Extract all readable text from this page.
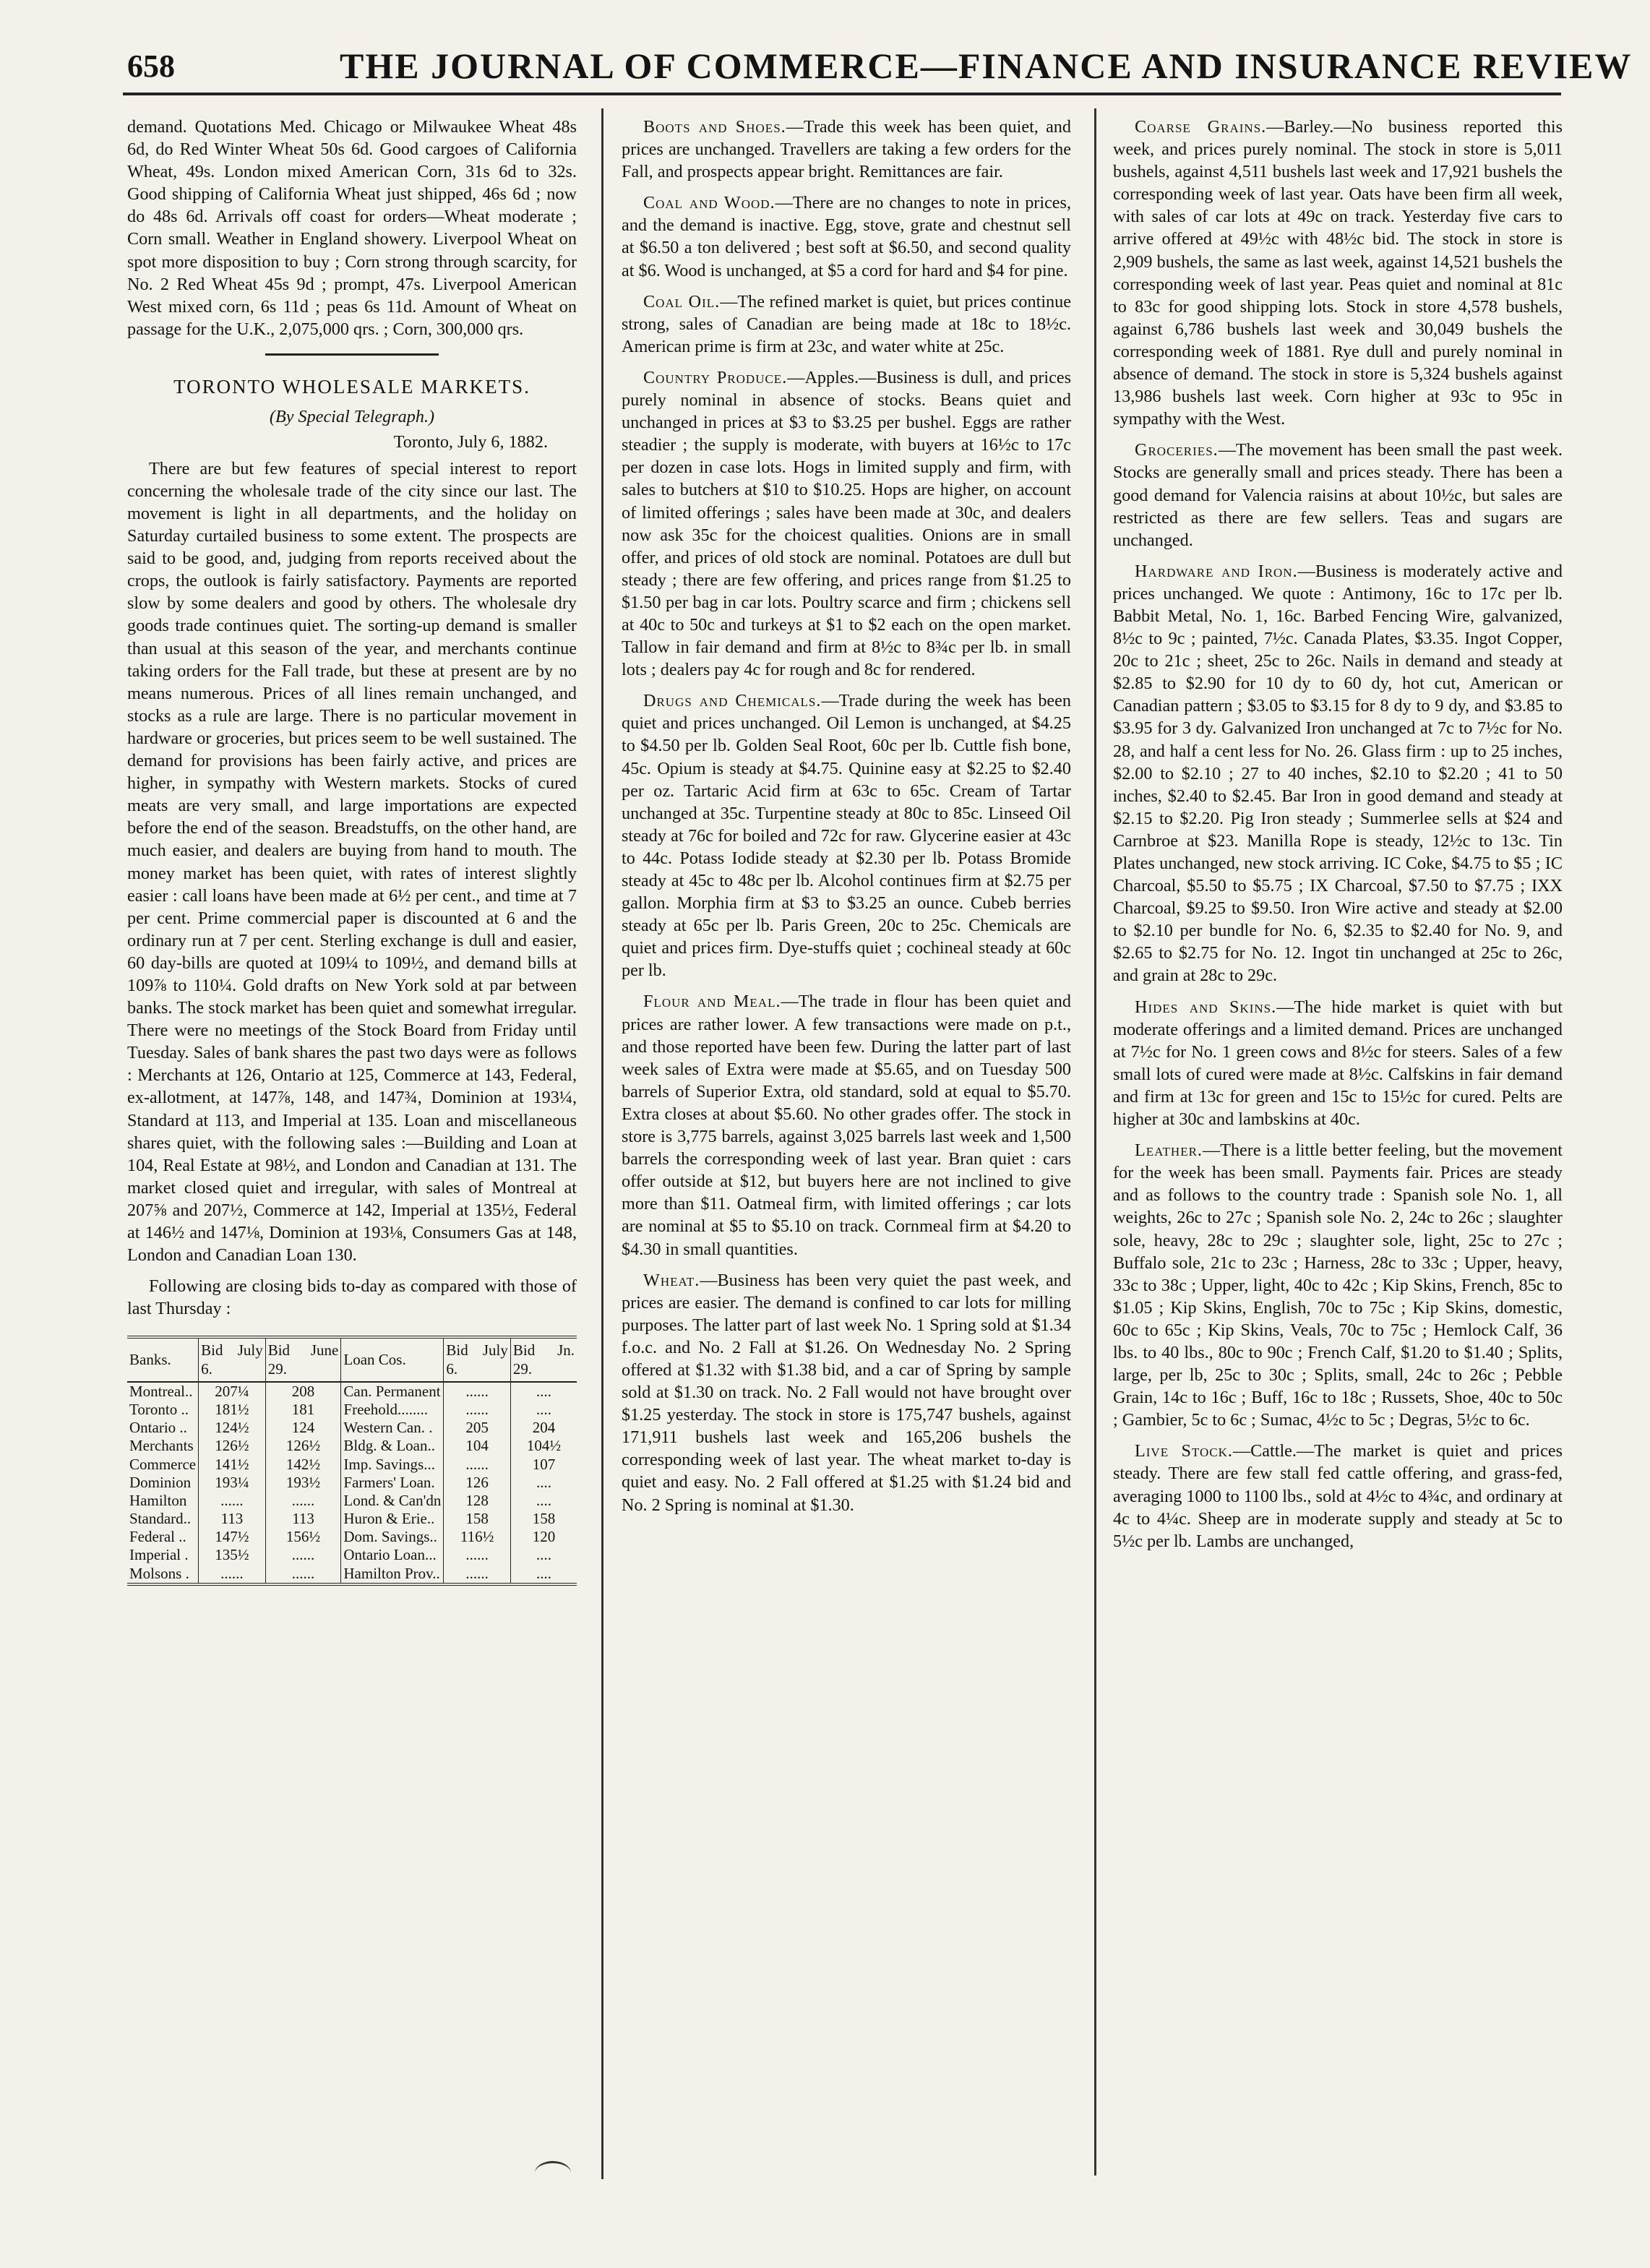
658	THE JOURNAL OF COMMERCE—FINANCE AND INSURANCE REVIEW

demand. Quotations Med. Chicago or Milwaukee Wheat 48s 6d, do Red Winter Wheat 50s 6d. Good cargoes of California Wheat, 49s. London mixed American Corn, 31s 6d to 32s. Good shipping of California Wheat just shipped, 46s 6d ; now do 48s 6d. Arrivals off coast for orders—Wheat moderate ; Corn small. Weather in England showery. Liverpool Wheat on spot more disposition to buy ; Corn strong through scarcity, for No. 2 Red Wheat 45s 9d ; prompt, 47s. Liverpool American West mixed corn, 6s 11d ; peas 6s 11d. Amount of Wheat on passage for the U.K., 2,075,000 qrs. ; Corn, 300,000 qrs.

TORONTO WHOLESALE MARKETS.
(By Special Telegraph.)
Toronto, July 6, 1882.

There are but few features of special interest to report concerning the wholesale trade of the city since our last. The movement is light in all departments, and the holiday on Saturday curtailed business to some extent. The prospects are said to be good, and, judging from reports received about the crops, the outlook is fairly satisfactory. Payments are reported slow by some dealers and good by others. The wholesale dry goods trade continues quiet. The sorting-up demand is smaller than usual at this season of the year, and merchants continue taking orders for the Fall trade, but these at present are by no means numerous. Prices of all lines remain unchanged, and stocks as a rule are large. There is no particular movement in hardware or groceries, but prices seem to be well sustained. The demand for provisions has been fairly active, and prices are higher, in sympathy with Western markets. Stocks of cured meats are very small, and large importations are expected before the end of the season. Breadstuffs, on the other hand, are much easier, and dealers are buying from hand to mouth. The money market has been quiet, with rates of interest slightly easier : call loans have been made at 6½ per cent., and time at 7 per cent. Prime commercial paper is discounted at 6 and the ordinary run at 7 per cent. Sterling exchange is dull and easier, 60 day-bills are quoted at 109¼ to 109½, and demand bills at 109⅞ to 110¼. Gold drafts on New York sold at par between banks. The stock market has been quiet and somewhat irregular. There were no meetings of the Stock Board from Friday until Tuesday. Sales of bank shares the past two days were as follows : Merchants at 126, Ontario at 125, Commerce at 143, Federal, ex-allotment, at 147⅞, 148, and 147¾, Dominion at 193¼, Standard at 113, and Imperial at 135. Loan and miscellaneous shares quiet, with the following sales :—Building and Loan at 104, Real Estate at 98½, and London and Canadian at 131. The market closed quiet and irregular, with sales of Montreal at 207⅝ and 207½, Commerce at 142, Imperial at 135½, Federal at 146½ and 147⅛, Dominion at 193⅛, Consumers Gas at 148, London and Canadian Loan 130.

Following are closing bids to-day as compared with those of last Thursday :

Banks.	Bid July 6.	Bid June 29.	Loan Cos.	Bid July 6.	Bid Jn. 29.
Montreal..	207¼	208	Can. Permanent	......	....
Toronto ..	181½	181	Freehold........	......	....
Ontario ..	124½	124	Western Can. .	205	204
Merchants	126½	126½	Bldg. & Loan..	104	104½
Commerce	141½	142½	Imp. Savings...	......	107
Dominion	193¼	193½	Farmers' Loan.	126	....
Hamilton	......	......	Lond. & Can'dn	128	....
Standard..	113	113	Huron & Erie..	158	158
Federal ..	147½	156½	Dom. Savings..	116½	120
Imperial .	135½	......	Ontario Loan...	......	....
Molsons .	......	......	Hamilton Prov..	......	....

Boots and Shoes.—Trade this week has been quiet, and prices are unchanged. Travellers are taking a few orders for the Fall, and prospects appear bright. Remittances are fair.

Coal and Wood.—There are no changes to note in prices, and the demand is inactive. Egg, stove, grate and chestnut sell at $6.50 a ton delivered ; best soft at $6.50, and second quality at $6. Wood is unchanged, at $5 a cord for hard and $4 for pine.

Coal Oil.—The refined market is quiet, but prices continue strong, sales of Canadian are being made at 18c to 18½c. American prime is firm at 23c, and water white at 25c.

Country Produce.—Apples.—Business is dull, and prices purely nominal in absence of stocks. Beans quiet and unchanged in prices at $3 to $3.25 per bushel. Eggs are rather steadier ; the supply is moderate, with buyers at 16½c to 17c per dozen in case lots. Hogs in limited supply and firm, with sales to butchers at $10 to $10.25. Hops are higher, on account of limited offerings ; sales have been made at 30c, and dealers now ask 35c for the choicest qualities. Onions are in small offer, and prices of old stock are nominal. Potatoes are dull but steady ; there are few offering, and prices range from $1.25 to $1.50 per bag in car lots. Poultry scarce and firm ; chickens sell at 40c to 50c and turkeys at $1 to $2 each on the open market. Tallow in fair demand and firm at 8½c to 8¾c per lb. in small lots ; dealers pay 4c for rough and 8c for rendered.

Drugs and Chemicals.—Trade during the week has been quiet and prices unchanged. Oil Lemon is unchanged, at $4.25 to $4.50 per lb. Golden Seal Root, 60c per lb. Cuttle fish bone, 45c. Opium is steady at $4.75. Quinine easy at $2.25 to $2.40 per oz. Tartaric Acid firm at 63c to 65c. Cream of Tartar unchanged at 35c. Turpentine steady at 80c to 85c. Linseed Oil steady at 76c for boiled and 72c for raw. Glycerine easier at 43c to 44c. Potass Iodide steady at $2.30 per lb. Potass Bromide steady at 45c to 48c per lb. Alcohol continues firm at $2.75 per gallon. Morphia firm at $3 to $3.25 an ounce. Cubeb berries steady at 65c per lb. Paris Green, 20c to 25c. Chemicals are quiet and prices firm. Dye-stuffs quiet ; cochineal steady at 60c per lb.

Flour and Meal.—The trade in flour has been quiet and prices are rather lower. A few transactions were made on p.t., and those reported have been few. During the latter part of last week sales of Extra were made at $5.65, and on Tuesday 500 barrels of Superior Extra, old standard, sold at equal to $5.70. Extra closes at about $5.60. No other grades offer. The stock in store is 3,775 barrels, against 3,025 barrels last week and 1,500 barrels the corresponding week of last year. Bran quiet : cars offer outside at $12, but buyers here are not inclined to give more than $11. Oatmeal firm, with limited offerings ; car lots are nominal at $5 to $5.10 on track. Cornmeal firm at $4.20 to $4.30 in small quantities.

Wheat.—Business has been very quiet the past week, and prices are easier. The demand is confined to car lots for milling purposes. The latter part of last week No. 1 Spring sold at $1.34 f.o.c. and No. 2 Fall at $1.26. On Wednesday No. 2 Spring offered at $1.32 with $1.38 bid, and a car of Spring by sample sold at $1.30 on track. No. 2 Fall would not have brought over $1.25 yesterday. The stock in store is 175,747 bushels, against 171,911 bushels last week and 165,206 bushels the corresponding week of last year. The wheat market to-day is quiet and easy. No. 2 Fall offered at $1.25 with $1.24 bid and No. 2 Spring is nominal at $1.30.

Coarse Grains.—Barley.—No business reported this week, and prices purely nominal. The stock in store is 5,011 bushels, against 4,511 bushels last week and 17,921 bushels the corresponding week of last year. Oats have been firm all week, with sales of car lots at 49c on track. Yesterday five cars to arrive offered at 49½c with 48½c bid. The stock in store is 2,909 bushels, the same as last week, against 14,521 bushels the corresponding week of last year. Peas quiet and nominal at 81c to 83c for good shipping lots. Stock in store 4,578 bushels, against 6,786 bushels last week and 30,049 bushels the corresponding week of 1881. Rye dull and purely nominal in absence of demand. The stock in store is 5,324 bushels against 13,986 bushels last week. Corn higher at 93c to 95c in sympathy with the West.

Groceries.—The movement has been small the past week. Stocks are generally small and prices steady. There has been a good demand for Valencia raisins at about 10½c, but sales are restricted as there are few sellers. Teas and sugars are unchanged.

Hardware and Iron.—Business is moderately active and prices unchanged. We quote : Antimony, 16c to 17c per lb. Babbit Metal, No. 1, 16c. Barbed Fencing Wire, galvanized, 8½c to 9c ; painted, 7½c. Canada Plates, $3.35. Ingot Copper, 20c to 21c ; sheet, 25c to 26c. Nails in demand and steady at $2.85 to $2.90 for 10 dy to 60 dy, hot cut, American or Canadian pattern ; $3.05 to $3.15 for 8 dy to 9 dy, and $3.85 to $3.95 for 3 dy. Galvanized Iron unchanged at 7c to 7½c for No. 28, and half a cent less for No. 26. Glass firm : up to 25 inches, $2.00 to $2.10 ; 27 to 40 inches, $2.10 to $2.20 ; 41 to 50 inches, $2.40 to $2.45. Bar Iron in good demand and steady at $2.15 to $2.20. Pig Iron steady ; Summerlee sells at $24 and Carnbroe at $23. Manilla Rope is steady, 12½c to 13c. Tin Plates unchanged, new stock arriving. IC Coke, $4.75 to $5 ; IC Charcoal, $5.50 to $5.75 ; IX Charcoal, $7.50 to $7.75 ; IXX Charcoal, $9.25 to $9.50. Iron Wire active and steady at $2.00 to $2.10 per bundle for No. 6, $2.35 to $2.40 for No. 9, and $2.65 to $2.75 for No. 12. Ingot tin unchanged at 25c to 26c, and grain at 28c to 29c.

Hides and Skins.—The hide market is quiet with but moderate offerings and a limited demand. Prices are unchanged at 7½c for No. 1 green cows and 8½c for steers. Sales of a few small lots of cured were made at 8½c. Calfskins in fair demand and firm at 13c for green and 15c to 15½c for cured. Pelts are higher at 30c and lambskins at 40c.

Leather.—There is a little better feeling, but the movement for the week has been small. Payments fair. Prices are steady and as follows to the country trade : Spanish sole No. 1, all weights, 26c to 27c ; Spanish sole No. 2, 24c to 26c ; slaughter sole, heavy, 28c to 29c ; slaughter sole, light, 25c to 27c ; Buffalo sole, 21c to 23c ; Harness, 28c to 33c ; Upper, heavy, 33c to 38c ; Upper, light, 40c to 42c ; Kip Skins, French, 85c to $1.05 ; Kip Skins, English, 70c to 75c ; Kip Skins, domestic, 60c to 65c ; Kip Skins, Veals, 70c to 75c ; Hemlock Calf, 36 lbs. to 40 lbs., 80c to 90c ; French Calf, $1.20 to $1.40 ; Splits, large, per lb, 25c to 30c ; Splits, small, 24c to 26c ; Pebble Grain, 14c to 16c ; Buff, 16c to 18c ; Russets, Shoe, 40c to 50c ; Gambier, 5c to 6c ; Sumac, 4½c to 5c ; Degras, 5½c to 6c.

Live Stock.—Cattle.—The market is quiet and prices steady. There are few stall fed cattle offering, and grass-fed, averaging 1000 to 1100 lbs., sold at 4½c to 4¾c, and ordinary at 4c to 4¼c. Sheep are in moderate supply and steady at 5c to 5½c per lb. Lambs are unchanged,
